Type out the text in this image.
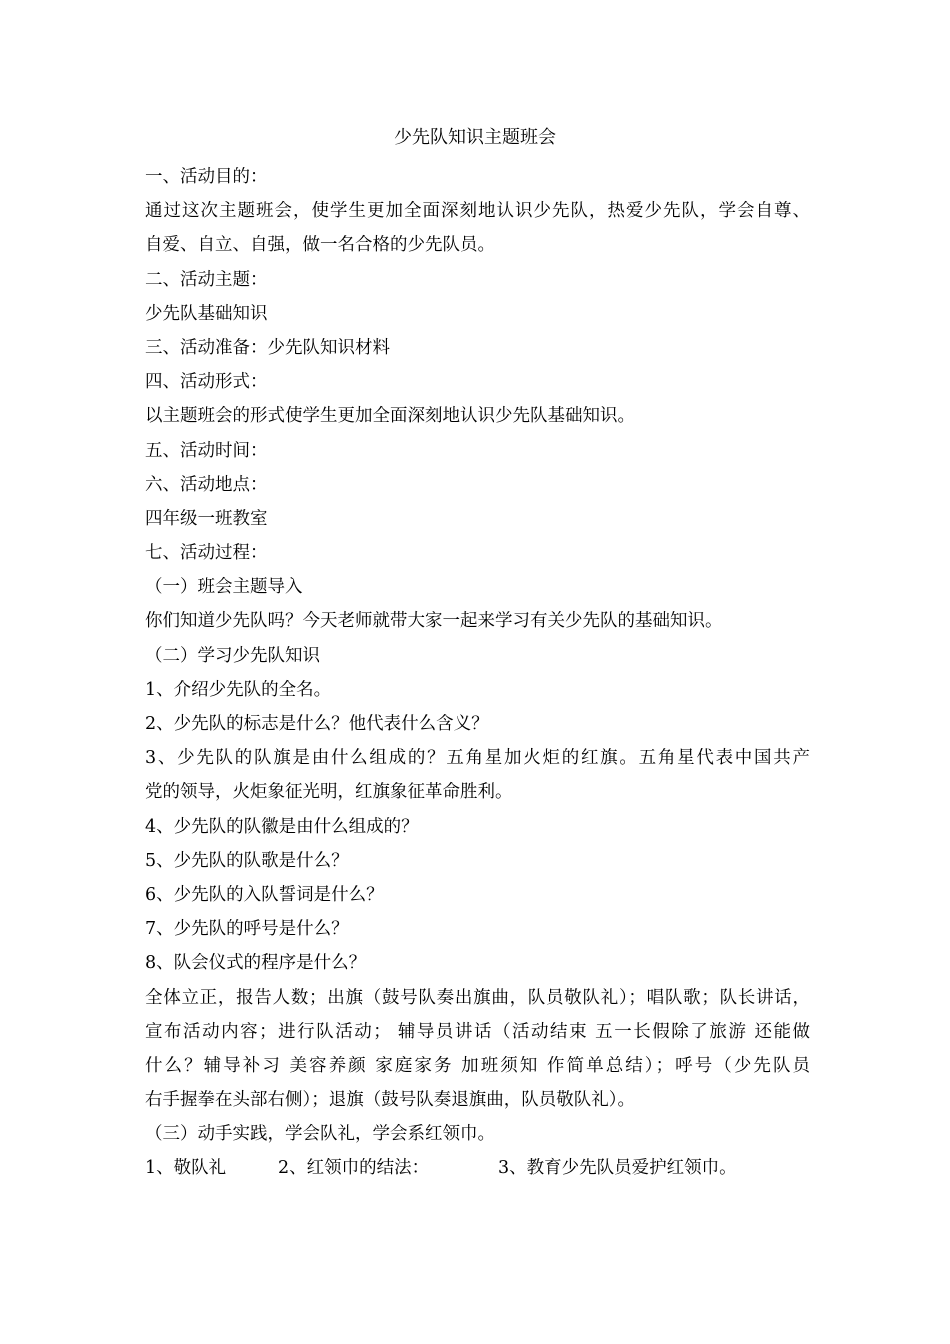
少先队知识主题班会

一、活动目的：

通过这次主题班会，使学生更加全面深刻地认识少先队，热爱少先队，学会自尊、

自爱、自立、自强，做一名合格的少先队员。

二、活动主题：

少先队基础知识

三、活动准备：少先队知识材料

四、活动形式：

以主题班会的形式使学生更加全面深刻地认识少先队基础知识。

五、活动时间：

六、活动地点：

四年级一班教室

七、活动过程：

（一）班会主题导入

你们知道少先队吗？今天老师就带大家一起来学习有关少先队的基础知识。

（二）学习少先队知识

1、介绍少先队的全名。

2、少先队的标志是什么？他代表什么含义？

3、少先队的队旗是由什么组成的？五角星加火炬的红旗。五角星代表中国共产

党的领导，火炬象征光明，红旗象征革命胜利。

4、少先队的队徽是由什么组成的？

5、少先队的队歌是什么？

6、少先队的入队誓词是什么？

7、少先队的呼号是什么？

8、队会仪式的程序是什么？

全体立正，报告人数；出旗（鼓号队奏出旗曲，队员敬队礼）；唱队歌；队长讲话，

宣布活动内容；进行队活动； 辅导员讲话（活动结束 五一长假除了旅游 还能做

什么？辅导补习 美容养颜 家庭家务 加班须知 作简单总结）；呼号（少先队员

右手握拳在头部右侧）；退旗（鼓号队奏退旗曲，队员敬队礼）。

（三）动手实践，学会队礼，学会系红领巾。

1、敬队礼	2、红领巾的结法：	3、教育少先队员爱护红领巾。
